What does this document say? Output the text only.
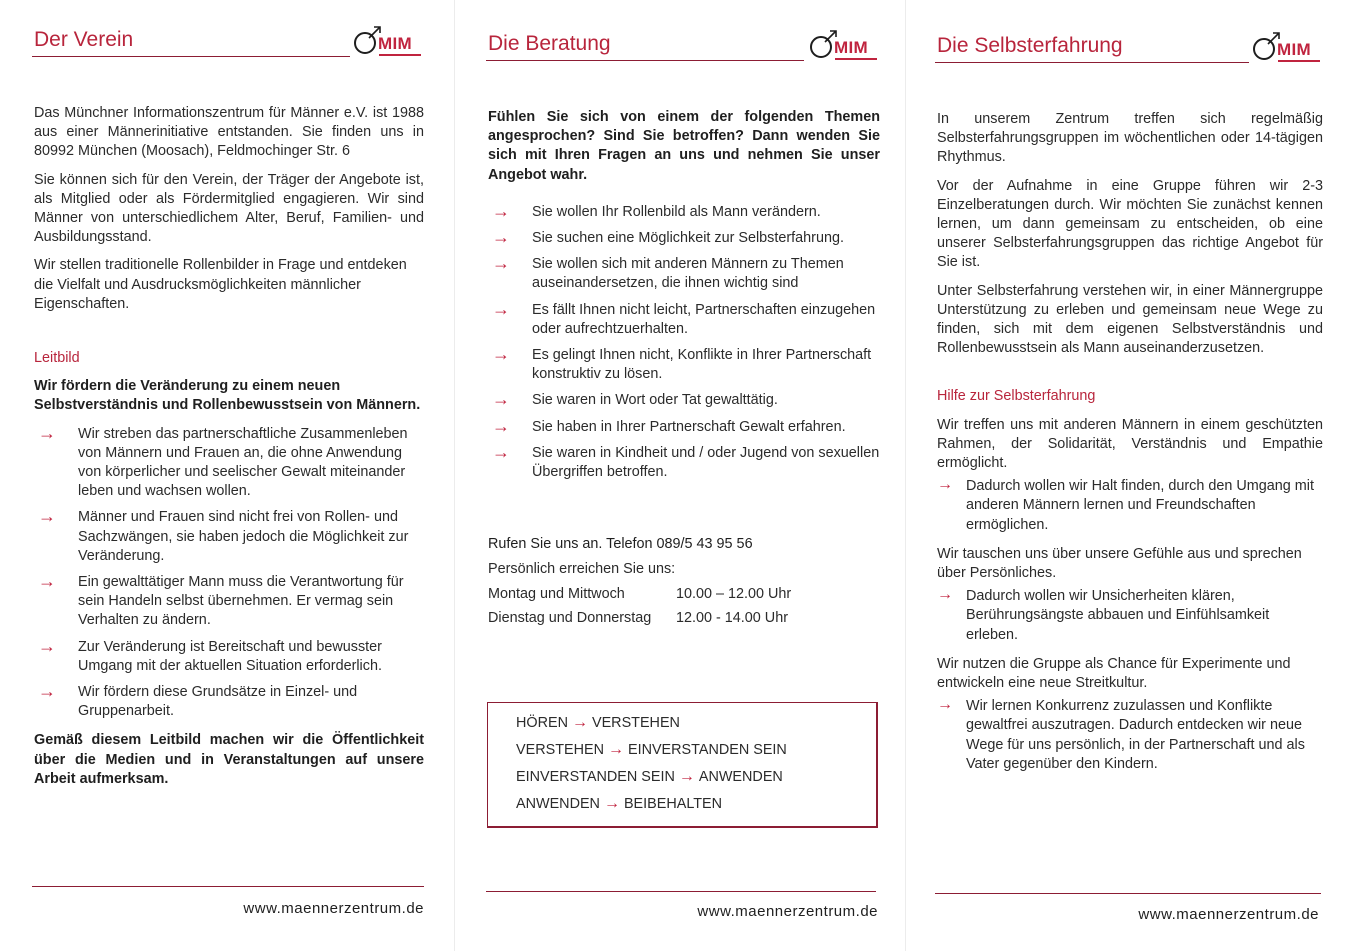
Der Verein	MIM

Das Münchner Informationszentrum für Männer e.V. ist 1988 aus einer Männerinitiative entstanden. Sie finden uns in 80992 München (Moosach), Feldmochinger Str. 6

Sie können sich für den Verein, der Träger der Angebote ist, als Mitglied oder als Fördermitglied engagieren. Wir sind Männer von unterschiedlichem Alter, Beruf, Familien- und Ausbildungsstand.

Wir stellen traditionelle Rollenbilder in Frage und entdeken die Vielfalt und Ausdrucksmöglichkeiten männlicher Eigenschaften.

Leitbild

Wir fördern die Veränderung zu einem neuen Selbstverständnis und Rollenbewusstsein von Männern.

→ Wir streben das partnerschaftliche Zusammenleben von Männern und Frauen an, die ohne Anwendung von körperlicher und seelischer Gewalt miteinander leben und wachsen wollen.
→ Männer und Frauen sind nicht frei von Rollen- und Sachzwängen, sie haben jedoch die Möglichkeit zur Veränderung.
→ Ein gewalttätiger Mann muss die Verantwortung für sein Handeln selbst übernehmen. Er vermag sein Verhalten zu ändern.
→ Zur Veränderung ist Bereitschaft und bewusster Umgang mit der aktuellen Situation erforderlich.
→ Wir fördern diese Grundsätze in Einzel- und Gruppenarbeit.

Gemäß diesem Leitbild machen wir die Öffentlichkeit über die Medien und in Veranstaltungen auf unsere Arbeit aufmerksam.

www.maennerzentrum.de
Die Beratung	MIM

Fühlen Sie sich von einem der folgenden Themen angesprochen? Sind Sie betroffen? Dann wenden Sie sich mit Ihren Fragen an uns und nehmen Sie unser Angebot wahr.

→ Sie wollen Ihr Rollenbild als Mann verändern.
→ Sie suchen eine Möglichkeit zur Selbsterfahrung.
→ Sie wollen sich mit anderen Männern zu Themen auseinandersetzen, die ihnen wichtig sind
→ Es fällt Ihnen nicht leicht, Partnerschaften einzugehen oder aufrechtzuerhalten.
→ Es gelingt Ihnen nicht, Konflikte in Ihrer Partnerschaft konstruktiv zu lösen.
→ Sie waren in Wort oder Tat gewalttätig.
→ Sie haben in Ihrer Partnerschaft Gewalt erfahren.
→ Sie waren in Kindheit und / oder Jugend von sexuellen Übergriffen betroffen.

Rufen Sie uns an. Telefon 089/5 43 95 56

Persönlich erreichen Sie uns:

Montag und Mittwoch	10.00 – 12.00 Uhr
Dienstag und Donnerstag	12.00 - 14.00 Uhr
HÖREN → VERSTEHEN
VERSTEHEN → EINVERSTANDEN SEIN
EINVERSTANDEN SEIN → ANWENDEN
ANWENDEN → BEIBEHALTEN
www.maennerzentrum.de
Die Selbsterfahrung	MIM

In unserem Zentrum treffen sich regelmäßig Selbsterfahrungsgruppen im wöchentlichen oder 14-tägigen Rhythmus.

Vor der Aufnahme in eine Gruppe führen wir 2-3 Einzelberatungen durch. Wir möchten Sie zunächst kennen lernen, um dann gemeinsam zu entscheiden, ob eine unserer Selbsterfahrungsgruppen das richtige Angebot für Sie ist.

Unter Selbsterfahrung verstehen wir, in einer Männergruppe Unterstützung zu erleben und gemeinsam neue Wege zu finden, sich mit dem eigenen Selbstverständnis und Rollenbewusstsein als Mann auseinanderzusetzen.

Hilfe zur Selbsterfahrung

Wir treffen uns mit anderen Männern in einem geschützten Rahmen, der Solidarität, Verständnis und Empathie ermöglicht.

→ Dadurch wollen wir Halt finden, durch den Umgang mit anderen Männern lernen und Freundschaften ermöglichen.

Wir tauschen uns über unsere Gefühle aus und sprechen über Persönliches.

→ Dadurch wollen wir Unsicherheiten klären, Berührungsängste abbauen und Einfühlsamkeit erleben.

Wir nutzen die Gruppe als Chance für Experimente und entwickeln eine neue Streitkultur.

→ Wir lernen Konkurrenz zuzulassen und Konflikte gewaltfrei auszutragen. Dadurch entdecken wir neue Wege für uns persönlich, in der Partnerschaft und als Vater gegenüber den Kindern.
www.maennerzentrum.de
